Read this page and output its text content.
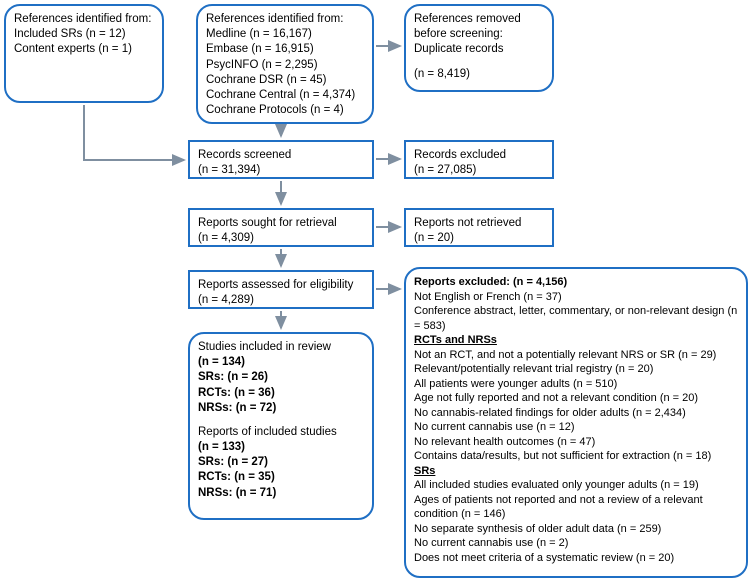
References identified from:
Included SRs (n = 12)
Content experts (n = 1)
References identified from:
Medline (n = 16,167)
Embase (n = 16,915)
PsycINFO (n = 2,295)
Cochrane DSR (n = 45)
Cochrane Central (n = 4,374)
Cochrane Protocols (n = 4)
References removed
before screening:
Duplicate records
(n = 8,419)
Records screened
(n = 31,394)
Records excluded
(n = 27,085)
Reports sought for retrieval
(n = 4,309)
Reports not retrieved
(n = 20)
Reports assessed for eligibility
(n = 4,289)
Studies included in review
(n = 134)
SRs: (n = 26)
RCTs: (n = 36)
NRSs: (n = 72)
Reports of included studies
(n = 133)
SRs: (n = 27)
RCTs: (n = 35)
NRSs: (n = 71)
Reports excluded: (n = 4,156)
Not English or French (n = 37)
Conference abstract, letter, commentary, or non-relevant design (n = 583)
RCTs and NRSs
Not an RCT, and not a potentially relevant NRS or SR (n = 29)
Relevant/potentially relevant trial registry (n = 20)
All patients were younger adults (n = 510)
Age not fully reported and not a relevant condition (n = 20)
No cannabis-related findings for older adults (n = 2,434)
No current cannabis use (n = 12)
No relevant health outcomes (n = 47)
Contains data/results, but not sufficient for extraction (n = 18)
SRs
All included studies evaluated only younger adults (n = 19)
Ages of patients not reported and not a review of a relevant condition (n = 146)
No separate synthesis of older adult data (n = 259)
No current cannabis use (n = 2)
Does not meet criteria of a systematic review (n = 20)
